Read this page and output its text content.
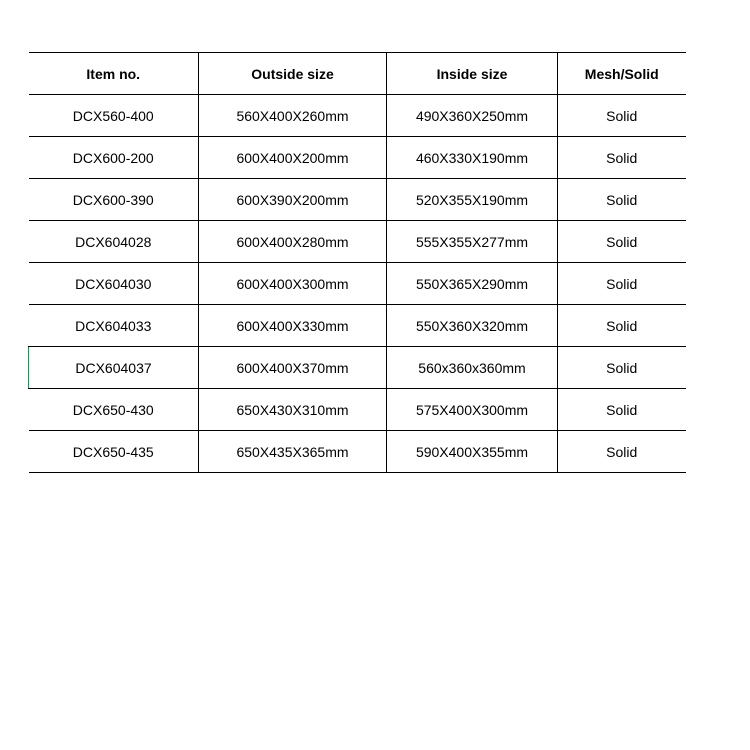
Item no.	Outside size	Inside size	Mesh/Solid
DCX560-400	560X400X260mm	490X360X250mm	Solid
DCX600-200	600X400X200mm	460X330X190mm	Solid
DCX600-390	600X390X200mm	520X355X190mm	Solid
DCX604028	600X400X280mm	555X355X277mm	Solid
DCX604030	600X400X300mm	550X365X290mm	Solid
DCX604033	600X400X330mm	550X360X320mm	Solid
DCX604037	600X400X370mm	560x360x360mm	Solid
DCX650-430	650X430X310mm	575X400X300mm	Solid
DCX650-435	650X435X365mm	590X400X355mm	Solid
